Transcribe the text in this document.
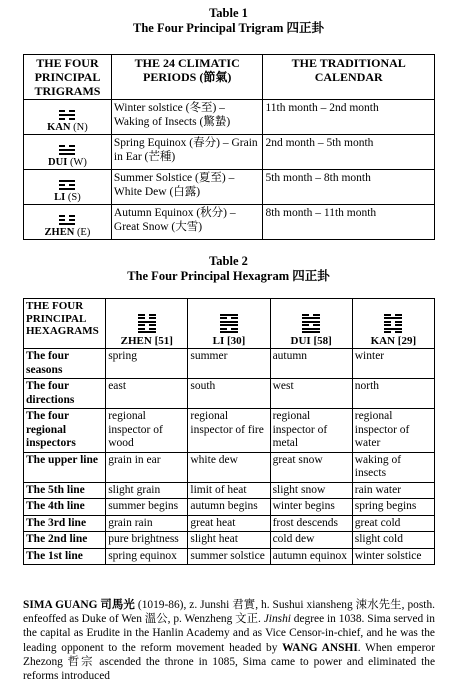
Table 1
The Four Principal Trigram 四正卦
THE FOUR PRINCIPAL TRIGRAMS	THE 24 CLIMATIC PERIODS (節氣)	THE TRADITIONAL CALENDAR

KAN (N)	Winter solstice (冬至) – Waking of Insects (驚蟄)	11th month – 2nd month

DUI (W)	Spring Equinox (春分) – Grain in Ear (芒種)	2nd month – 5th month

LI (S)	Summer Solstice (夏至) – White Dew (白露)	5th month – 8th month

ZHEN (E)	Autumn Equinox (秋分) – Great Snow (大雪)	8th month – 11th month
Table 2
The Four Principal Hexagram 四正卦
THE FOUR PRINCIPAL HEXAGRAMS	ZHEN [51]	LI [30]	DUI [58]	KAN [29]

The four seasons	spring	summer	autumn	winter
The four directions	east	south	west	north
The four regional inspectors	regional inspector of wood	regional inspector of fire	regional inspector of metal	regional inspector of water
The upper line	grain in ear	white dew	great snow	waking of insects
The 5th line	slight grain	limit of heat	slight snow	rain water
The 4th line	summer begins	autumn begins	winter begins	spring begins
The 3rd line	grain rain	great heat	frost descends	great cold
The 2nd line	pure brightness	slight heat	cold dew	slight cold
The 1st line	spring equinox	summer solstice	autumn equinox	winter solstice
SIMA GUANG 司馬光 (1019-86), z. Junshi 君實, h. Sushui xiansheng 涑水先生, posth. enfeoffed as Duke of Wen 溫公, p. Wenzheng 文正. Jinshi degree in 1038. Sima served in the capital as Erudite in the Hanlin Academy and as Vice Censor-in-chief, and he was the leading opponent to the reform movement headed by WANG ANSHI. When emperor Zhezong 哲宗 ascended the throne in 1085, Sima came to power and eliminated the reforms introduced
